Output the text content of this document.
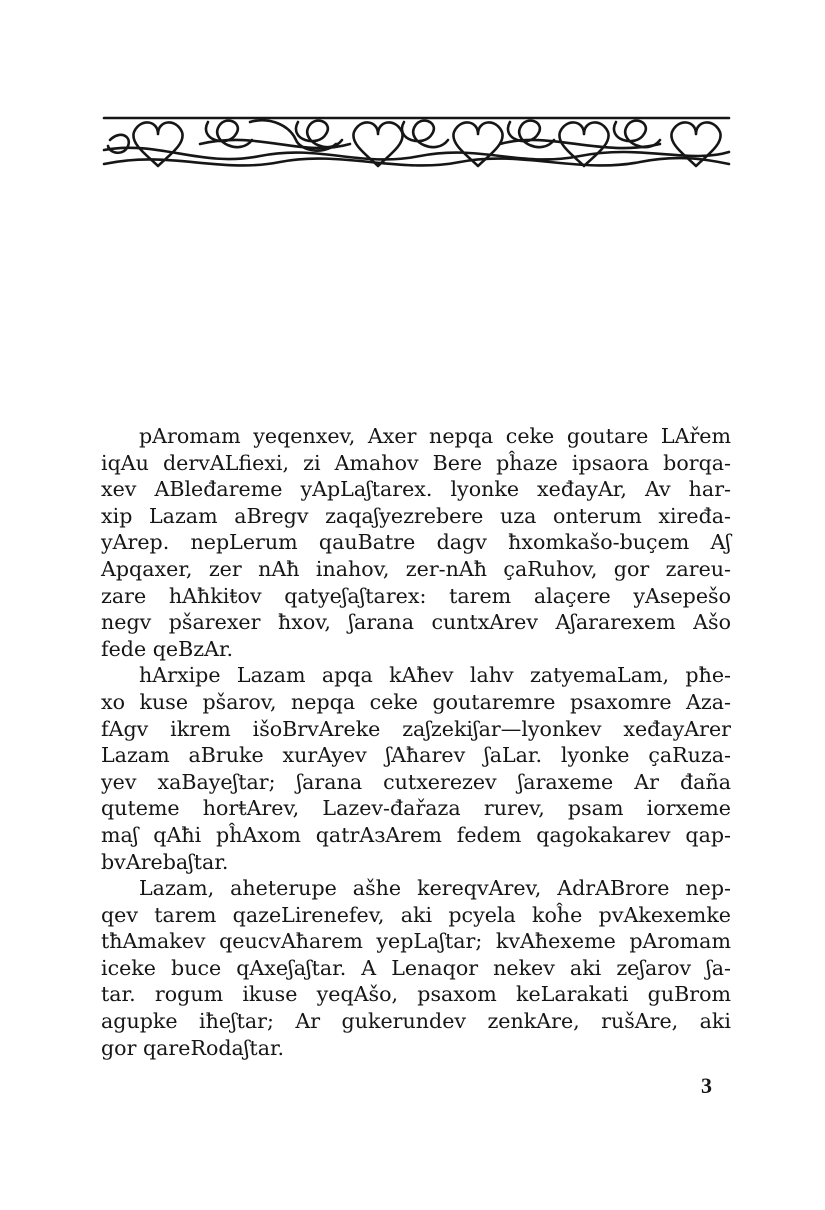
pAromam yeqenxev, Axer nepqa cekе goutare LAřem
iqAu dervALfiexi, zi Amahov Bere pĥaze ipsaora borqa-
xev ABleđareme yApLaʃtarex. lyonke xeđayAr, Av har-
xip Lazam aBregv zaqaʃyezrebere uza onterum xiređa-
yArep. nepLerum qauBatre dagv ħxomkašo-buçem Aʃ
Apqaxer, zer nAħ inahov, zer-nAħ çaRuhov, gor zareu-
zare hAħkiŧov qatyeʃaʃtarex: tarem alaçere yAsepešo
negv pšarexer ħxov, ʃarana cuntxArev Aʃararexem Ašo
fede qeBzAr.

hArxipe Lazam apqa kAħev lahv zatyemaLam, pħe-
xo kuse pšarov, nepqa cekе goutaremre psaxomre Aza-
fAgv ikrem išoBrvArekе zaʃzekiʃar—lyonkev xeđayArer
Lazam aBrukе xurAyev ʃAħarev ʃaLar. lyonke çaRuza-
yev xaBayeʃtar; ʃarana cutxerezev ʃaraxeme Ar đaña
quteme horŧArev, Lazev-đařaza rurev, psam iorxeme
maʃ qAħi pĥAxom qatrAзArem fedem qagokakarev qap-
bvArebaʃtar.

Lazam, aheterupe ašhe kereqvArev, AdrABrore nep-
qev tarem qazeLirenefev, aki pcyela koĥe pvAkexemkе
tħAmakev qeucvAħarem yepLaʃtar; kvAħexeme pAromam
icekе buce qAxeʃaʃtar. A Lenaqor nekev aki zeʃarov ʃa-
tar. rogum ikuse yeqAšo, psaxom keLarakati guBrom
agupke iħeʃtar; Ar gukerundev zenkAre, rušAre, aki
gor qareRodaʃtar.

3
